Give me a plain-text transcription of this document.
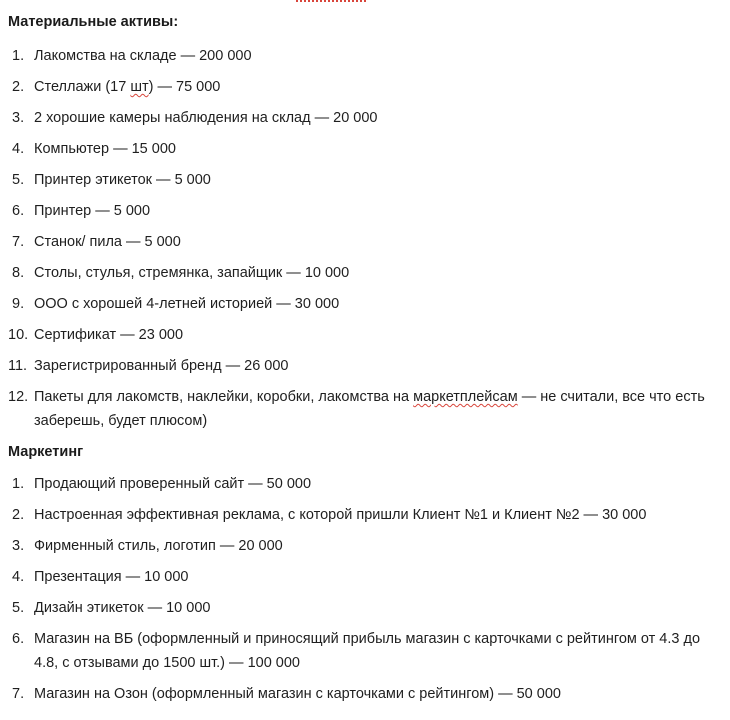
Материальные активы:
1. Лакомства на складе — 200 000
2. Стеллажи (17 шт) — 75 000
3. 2 хорошие камеры наблюдения на склад — 20 000
4. Компьютер — 15 000
5. Принтер этикеток — 5 000
6. Принтер — 5 000
7. Станок/ пила — 5 000
8. Столы, стулья, стремянка, запайщик — 10 000
9. ООО с хорошей 4-летней историей — 30 000
10. Сертификат — 23 000
11. Зарегистрированный бренд — 26 000
12. Пакеты для лакомств, наклейки, коробки, лакомства на маркетплейсам — не считали, все что есть заберешь, будет плюсом)
Маркетинг
1. Продающий проверенный сайт — 50 000
2. Настроенная эффективная реклама, с которой пришли Клиент №1 и Клиент №2 — 30 000
3. Фирменный стиль, логотип — 20 000
4. Презентация — 10 000
5. Дизайн этикеток — 10 000
6. Магазин на ВБ (оформленный и приносящий прибыль магазин с карточками с рейтингом от 4.3 до 4.8, с отзывами до 1500 шт.) — 100 000
7. Магазин на Озон (оформленный магазин с карточками с рейтингом) — 50 000
